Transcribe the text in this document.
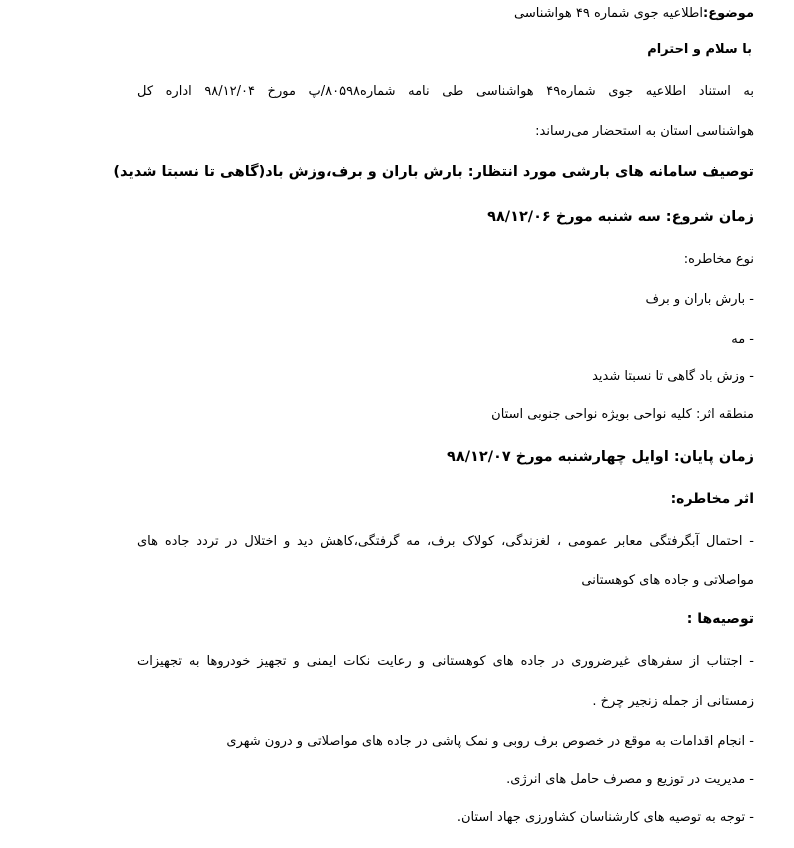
موضوع:اطلاعیه جوی شماره ۴۹ هواشناسی
با سلام و احترام
به استناد اطلاعیه جوی شماره۴۹ هواشناسی طی نامه شماره۸۰۵۹۸/پ مورخ ۹۸/۱۲/۰۴ اداره کل
هواشناسی استان به استحضار می‌رساند:
توصیف سامانه های بارشی مورد انتظار: بارش باران و برف،وزش باد(گاهی تا نسبتا شدید)
زمان شروع: سه شنبه مورخ ۹۸/۱۲/۰۶
نوع مخاطره:
- بارش باران و برف
- مه
- وزش باد گاهی تا نسبتا شدید
منطقه اثر: کلیه نواحی بویژه نواحی جنوبی استان
زمان پایان: اوایل چهارشنبه مورخ ۹۸/۱۲/۰۷
اثر مخاطره:
- احتمال آبگرفتگی معابر عمومی ، لغزندگی، کولاک برف، مه گرفتگی،کاهش دید و اختلال در تردد جاده های
مواصلاتی و جاده های کوهستانی
توصیه‌ها :
- اجتناب از سفرهای غیرضروری در جاده های کوهستانی و رعایت نکات ایمنی و تجهیز خودروها به تجهیزات
زمستانی از جمله زنجیر چرخ .
- انجام اقدامات به موقع در خصوص برف روبی و نمک پاشی در جاده های مواصلاتی و درون شهری
- مدیریت در توزیع و مصرف حامل های انرژی.
- توجه به توصیه های کارشناسان کشاورزی جهاد استان.
